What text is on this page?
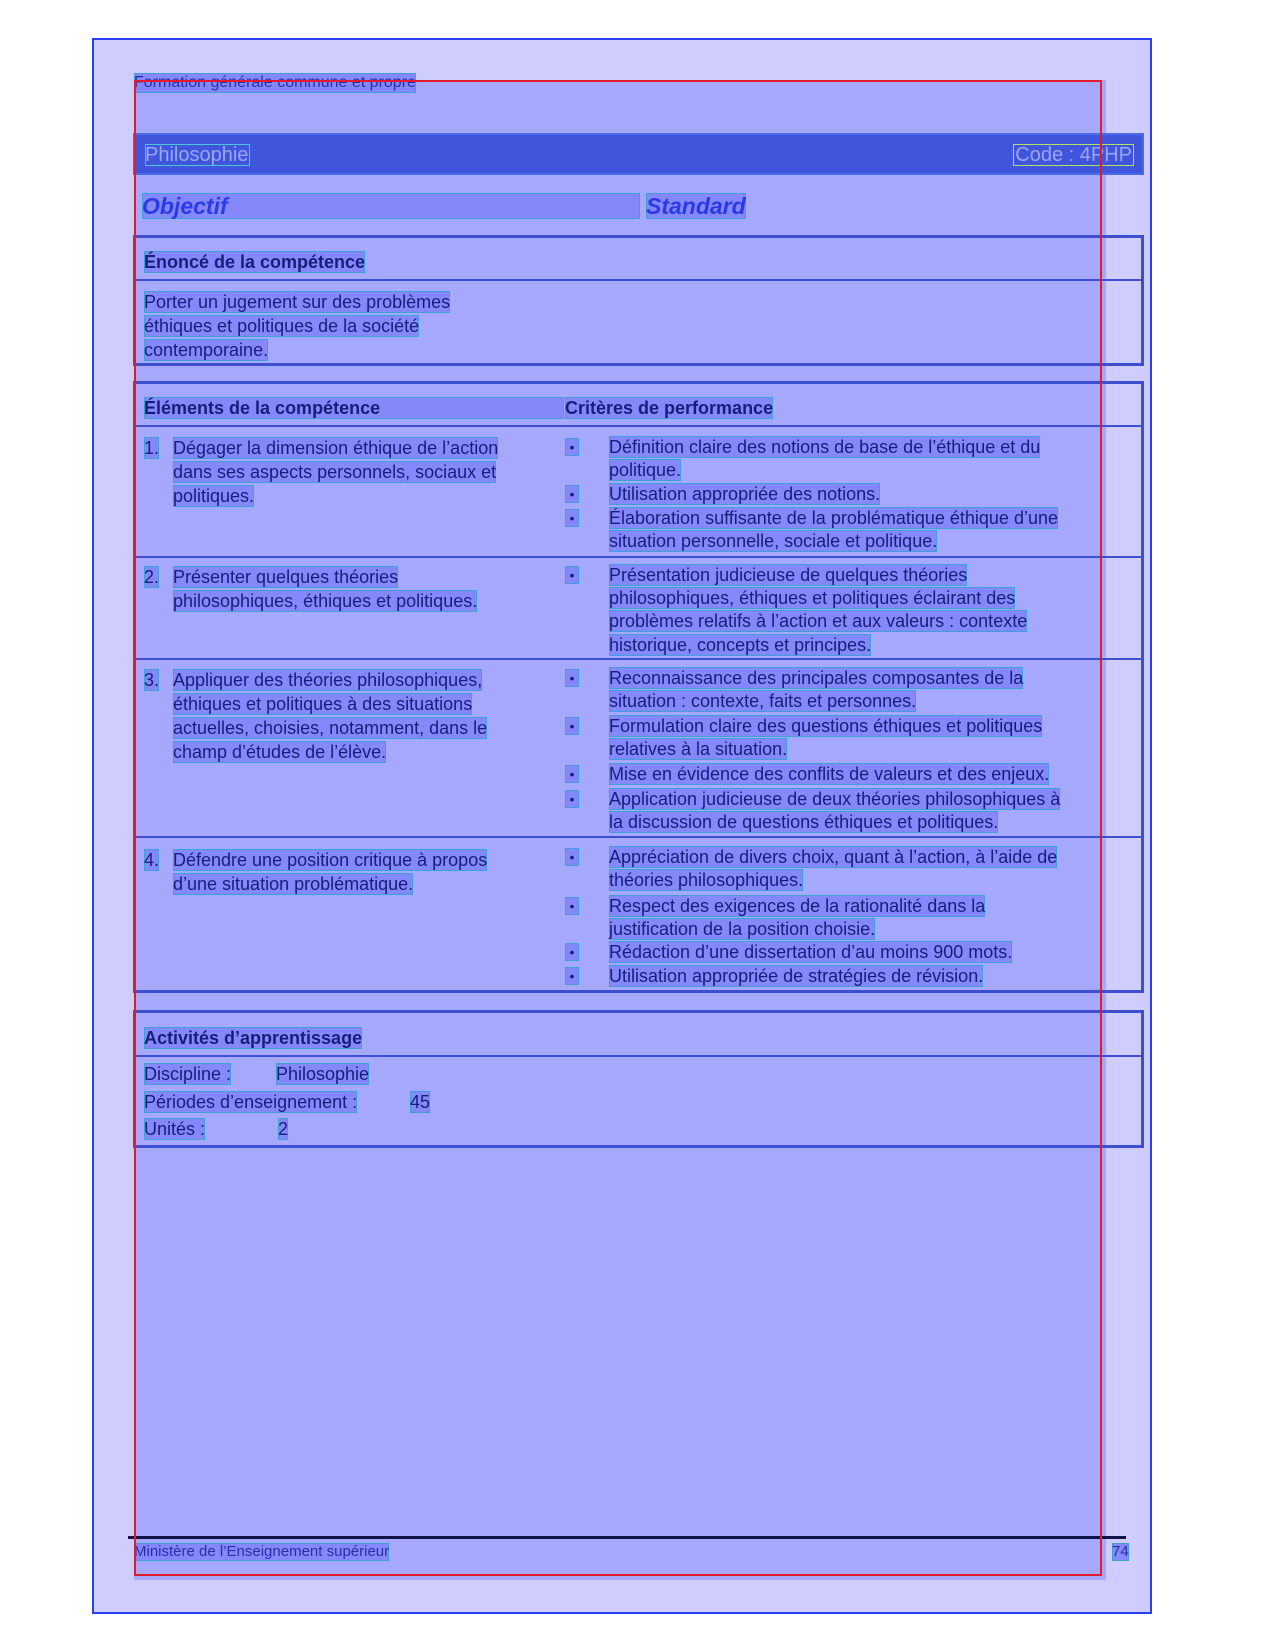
Formation générale commune et propre
Philosophie	Code : 4PHP
Objectif	Standard
Énoncé de la compétence
Porter un jugement sur des problèmes
éthiques et politiques de la société
contemporaine.
Éléments de la compétence	Critères de performance
1. Dégager la dimension éthique de l’action
dans ses aspects personnels, sociaux et
politiques.
• Définition claire des notions de base de l’éthique et du
politique.
• Utilisation appropriée des notions.
• Élaboration suffisante de la problématique éthique d’une
situation personnelle, sociale et politique.
2. Présenter quelques théories
philosophiques, éthiques et politiques.
• Présentation judicieuse de quelques théories
philosophiques, éthiques et politiques éclairant des
problèmes relatifs à l’action et aux valeurs : contexte
historique, concepts et principes.
3. Appliquer des théories philosophiques,
éthiques et politiques à des situations
actuelles, choisies, notamment, dans le
champ d’études de l’élève.
• Reconnaissance des principales composantes de la
situation : contexte, faits et personnes.
• Formulation claire des questions éthiques et politiques
relatives à la situation.
• Mise en évidence des conflits de valeurs et des enjeux.
• Application judicieuse de deux théories philosophiques à
la discussion de questions éthiques et politiques.
4. Défendre une position critique à propos
d’une situation problématique.
• Appréciation de divers choix, quant à l’action, à l’aide de
théories philosophiques.
• Respect des exigences de la rationalité dans la
justification de la position choisie.
• Rédaction d’une dissertation d’au moins 900 mots.
• Utilisation appropriée de stratégies de révision.
Activités d’apprentissage
Discipline : Philosophie
Périodes d’enseignement :	45
Unités :	2
Ministère de l’Enseignement supérieur	74
